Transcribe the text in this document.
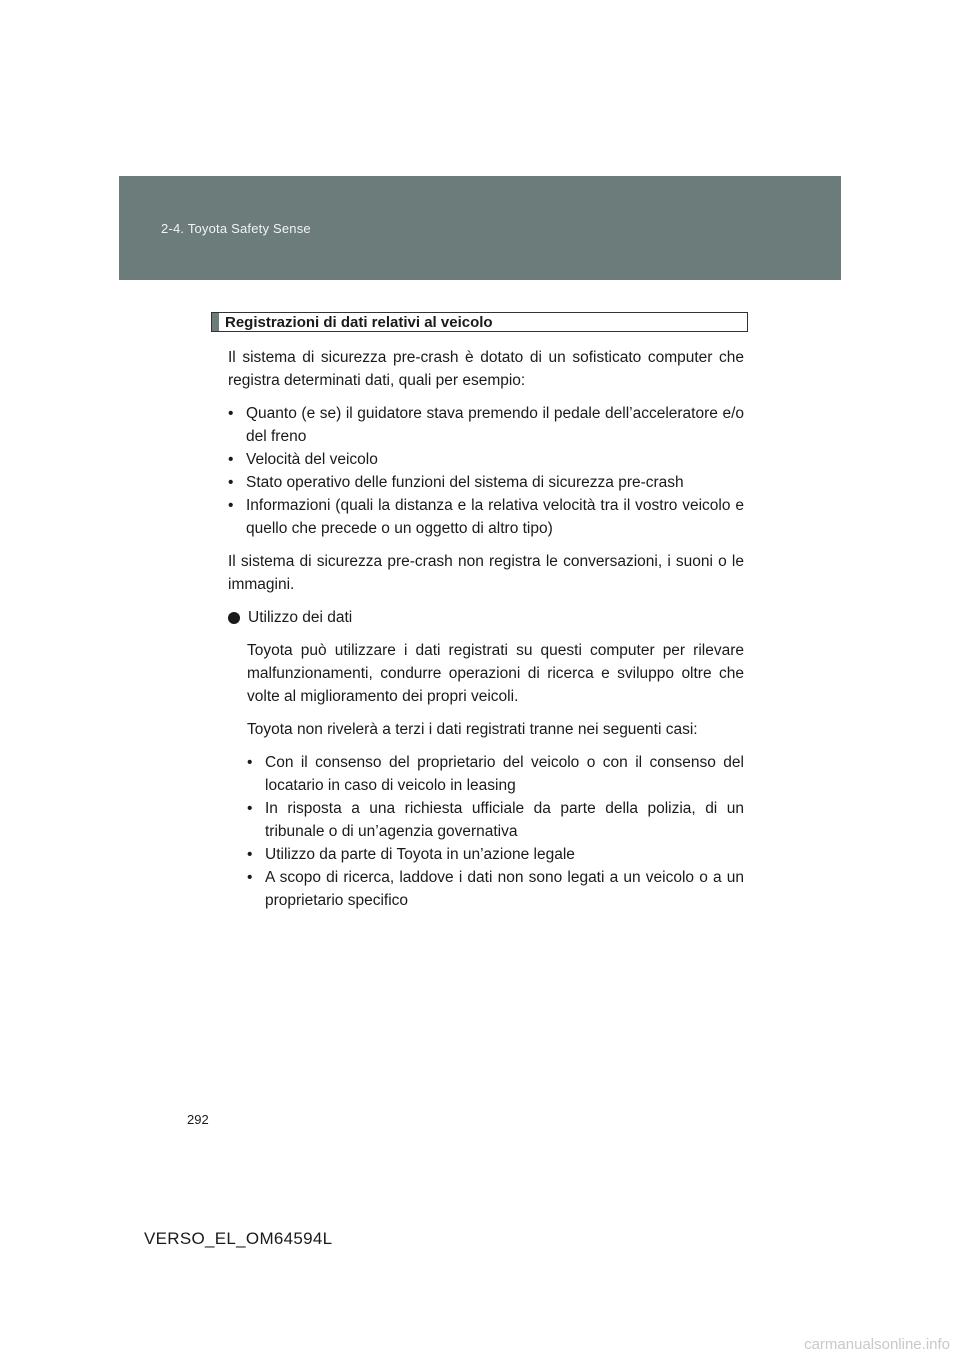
2-4. Toyota Safety Sense
Registrazioni di dati relativi al veicolo

Il sistema di sicurezza pre-crash è dotato di un sofisticato computer che registra determinati dati, quali per esempio:

• Quanto (e se) il guidatore stava premendo il pedale dell’acceleratore e/o del freno
• Velocità del veicolo
• Stato operativo delle funzioni del sistema di sicurezza pre-crash
• Informazioni (quali la distanza e la relativa velocità tra il vostro veicolo e quello che precede o un oggetto di altro tipo)

Il sistema di sicurezza pre-crash non registra le conversazioni, i suoni o le immagini.

Utilizzo dei dati

Toyota può utilizzare i dati registrati su questi computer per rilevare malfunzionamenti, condurre operazioni di ricerca e sviluppo oltre che volte al miglioramento dei propri veicoli.

Toyota non rivelerà a terzi i dati registrati tranne nei seguenti casi:

• Con il consenso del proprietario del veicolo o con il consenso del locatario in caso di veicolo in leasing
• In risposta a una richiesta ufficiale da parte della polizia, di un tribunale o di un’agenzia governativa
• Utilizzo da parte di Toyota in un’azione legale
• A scopo di ricerca, laddove i dati non sono legati a un veicolo o a un proprietario specifico
292
VERSO_EL_OM64594L
carmanualsonline.info
